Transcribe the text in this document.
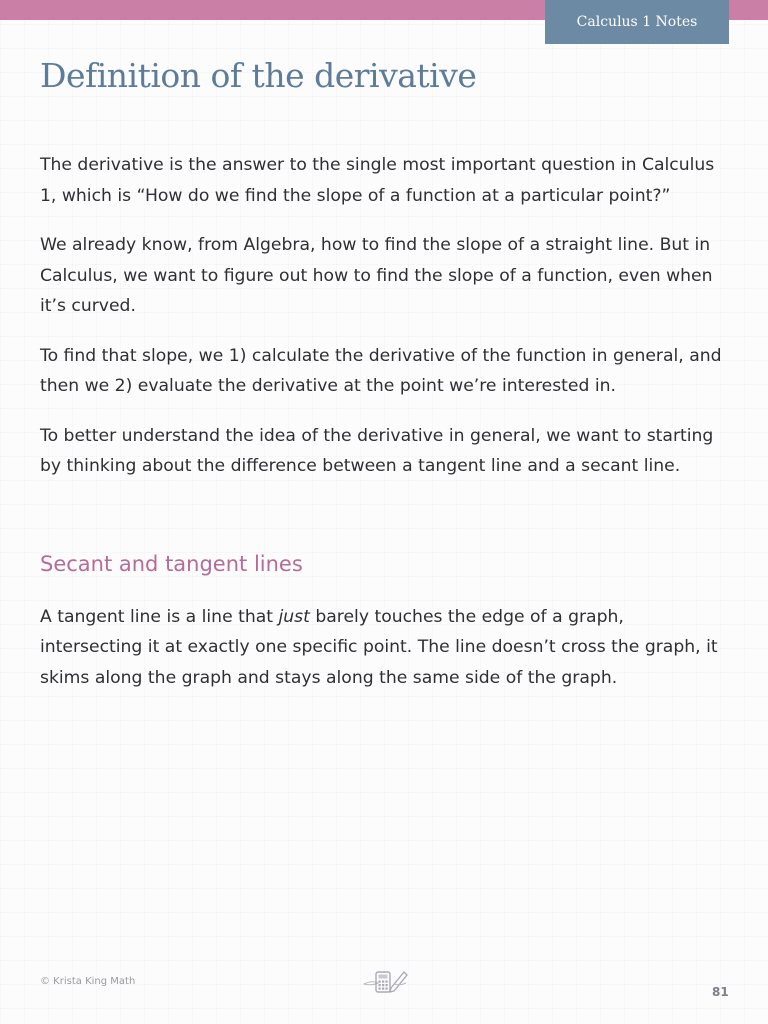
Calculus 1 Notes
Definition of the derivative

The derivative is the answer to the single most important question in Calculus 1, which is “How do we find the slope of a function at a particular point?”

We already know, from Algebra, how to find the slope of a straight line. But in Calculus, we want to figure out how to find the slope of a function, even when it’s curved.

To find that slope, we 1) calculate the derivative of the function in general, and then we 2) evaluate the derivative at the point we’re interested in.

To better understand the idea of the derivative in general, we want to starting by thinking about the difference between a tangent line and a secant line.

Secant and tangent lines

A tangent line is a line that just barely touches the edge of a graph, intersecting it at exactly one specific point. The line doesn’t cross the graph, it skims along the graph and stays along the same side of the graph.

© Krista King Math
81
